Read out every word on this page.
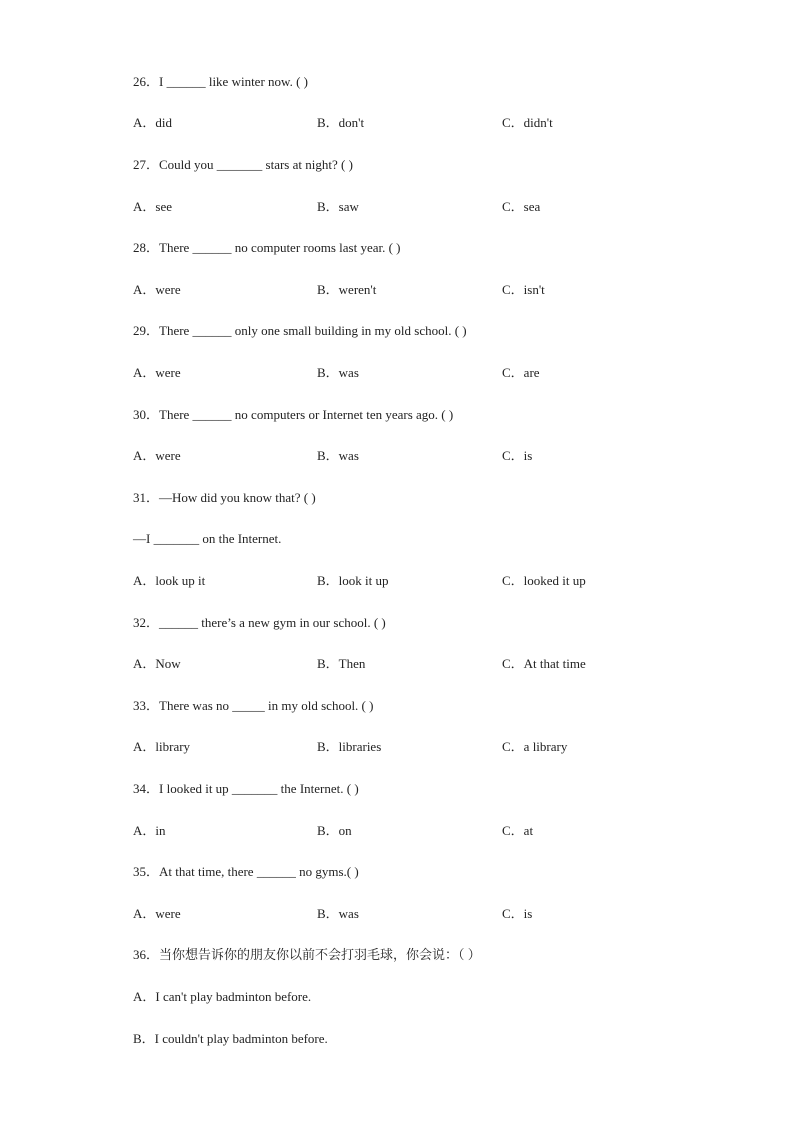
26．I ______ like winter now. ( )
A．did	B．don't	C．didn't
27．Could you _______ stars at night? ( )
A．see	B．saw	C．sea
28．There ______ no computer rooms last year. ( )
A．were	B．weren't	C．isn't
29．There ______ only one small building in my old school. ( )
A．were	B．was	C．are
30．There ______ no computers or Internet ten years ago. ( )
A．were	B．was	C．is
31．—How did you know that? ( )
—I _______ on the Internet.
A．look up it	B．look it up	C．looked it up
32．______ there’s a new gym in our school. ( )
A．Now	B．Then	C．At that time
33．There was no _____ in my old school. ( )
A．library	B．libraries	C．a library
34．I looked it up _______ the Internet. ( )
A．in	B．on	C．at
35．At that time, there ______ no gyms.( )
A．were	B．was	C．is
36．当你想告诉你的朋友你以前不会打羽毛球，你会说：（ ）
A．I can't play badminton before.
B．I couldn't play badminton before.
